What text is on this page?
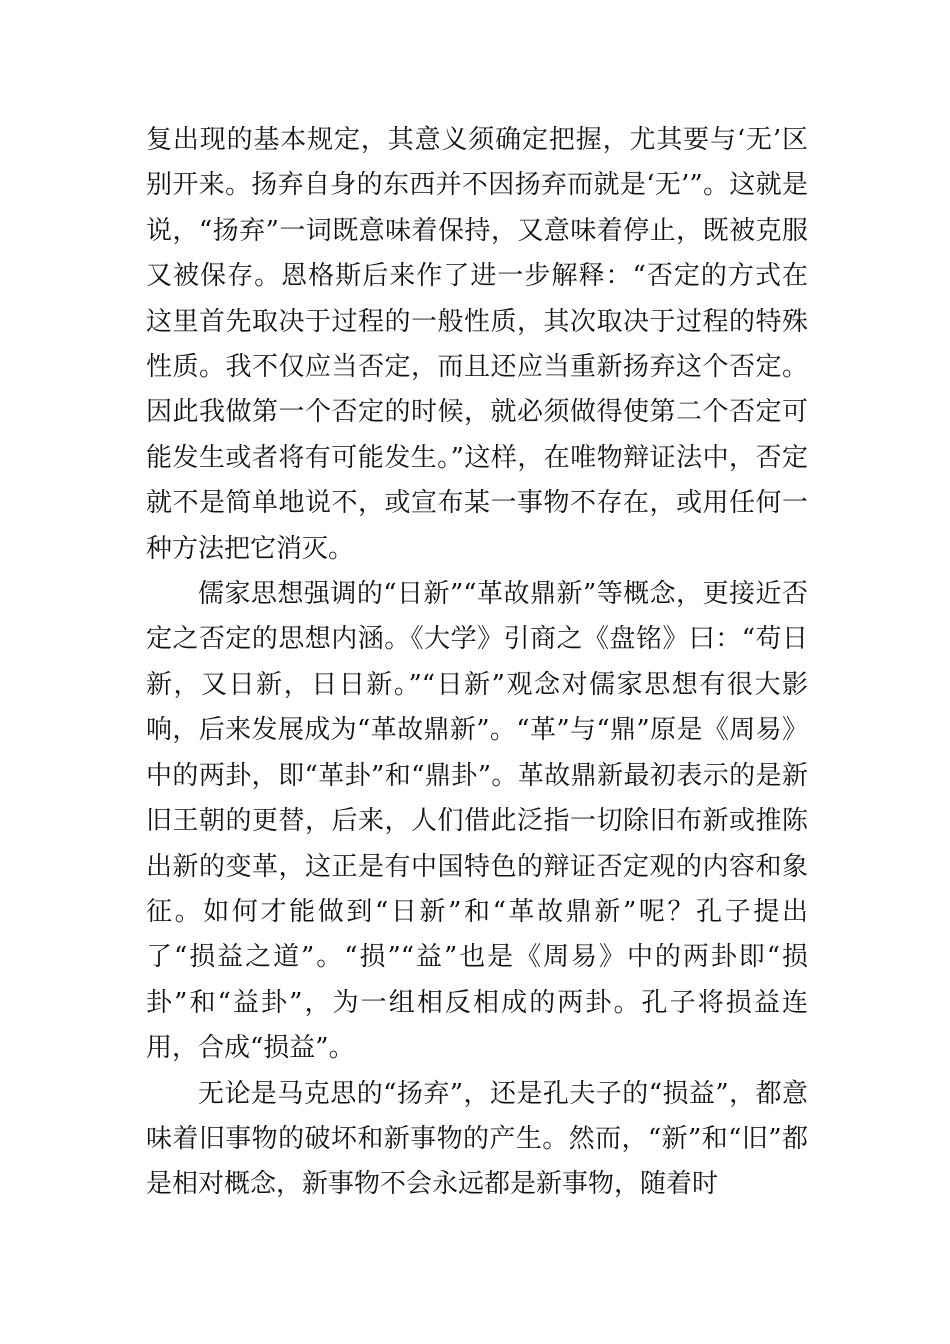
复出现的基本规定，其意义须确定把握，尤其要与‘无’区别开来。扬弃自身的东西并不因扬弃而就是‘无’”。这就是说，“扬弃”一词既意味着保持，又意味着停止，既被克服又被保存。恩格斯后来作了进一步解释：“否定的方式在这里首先取决于过程的一般性质，其次取决于过程的特殊性质。我不仅应当否定，而且还应当重新扬弃这个否定。因此我做第一个否定的时候，就必须做得使第二个否定可能发生或者将有可能发生。”这样，在唯物辩证法中，否定就不是简单地说不，或宣布某一事物不存在，或用任何一种方法把它消灭。

儒家思想强调的“日新”“革故鼎新”等概念，更接近否定之否定的思想内涵。《大学》引商之《盘铭》曰：“苟日新，又日新，日日新。”“日新”观念对儒家思想有很大影响，后来发展成为“革故鼎新”。“革”与“鼎”原是《周易》中的两卦，即“革卦”和“鼎卦”。革故鼎新最初表示的是新旧王朝的更替，后来，人们借此泛指一切除旧布新或推陈出新的变革，这正是有中国特色的辩证否定观的内容和象征。如何才能做到“日新”和“革故鼎新”呢？孔子提出了“损益之道”。“损”“益”也是《周易》中的两卦即“损卦”和“益卦”，为一组相反相成的两卦。孔子将损益连用，合成“损益”。

无论是马克思的“扬弃”，还是孔夫子的“损益”，都意味着旧事物的破坏和新事物的产生。然而，“新”和“旧”都是相对概念，新事物不会永远都是新事物，随着时
